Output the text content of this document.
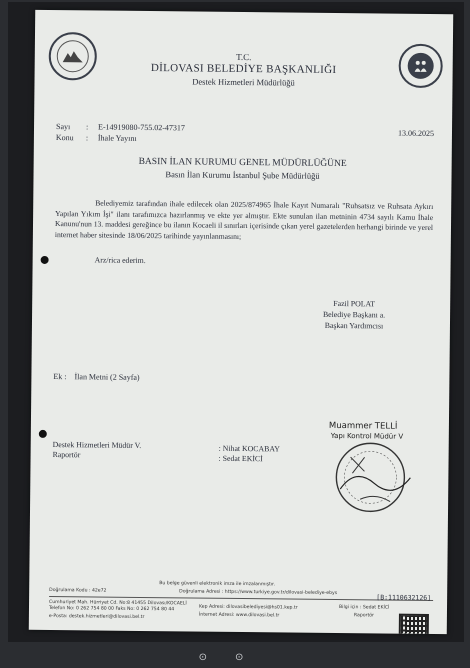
T.C.
DİLOVASI BELEDİYE BAŞKANLIĞI
Destek Hizmetleri Müdürlüğü
Sayı : E-14919080-755.02-47317
Konu : İhale Yayını
13.06.2025
BASIN İLAN KURUMU GENEL MÜDÜRLÜĞÜNE
Basın İlan Kurumu İstanbul Şube Müdürlüğü
Belediyemiz tarafından ihale edilecek olan 2025/874965 İhale Kayıt Numaralı "Ruhsatsız ve Ruhsata Aykırı Yapılan Yıkım İşi" ilanı tarafımızca hazırlanmış ve ekte yer almıştır. Ekte sunulan ilan metninin 4734 sayılı Kamu İhale Kanunu'nun 13. maddesi gereğince bu ilanın Kocaeli il sınırları içerisinde çıkan yerel gazetelerden herhangi birinde ve yerel internet haber sitesinde 18/06/2025 tarihinde yayınlanmasını;
Arz/rica ederim.
Fazil POLAT
Belediye Başkanı a.
Başkan Yardımcısı
Ek : İlan Metni (2 Sayfa)
Destek Hizmetleri Müdür V.
Raportör
: Nihat KOCABAY
: Sedat EKİCİ
Muammer TELLİ
Yapı Kontrol Müdür V
Bu belge güvenli elektronik imza ile imzalanmıştır.
Doğrulama Kodu : 42e72	Doğrulama Adresi : https://www.turkiye.gov.tr/dilovasi-belediye-ebys
Cumhuriyet Mah. Hürriyet Cd. No:8 41455 Dilovası/KOCAELİ
Telefon No: 0 262 754 80 00 Faks No: 0 262 754 80 44	Kep Adresi: dilovasibelediyesi@hs01.kep.tr
e-Posta: destek.hizmetleri@dilovasi.bel.tr	İnternet Adresi: www.dilovasi.bel.tr
Bilgi için : Sedat EKİCİ
Raportör
[B:1110632126]
⊙⊙
